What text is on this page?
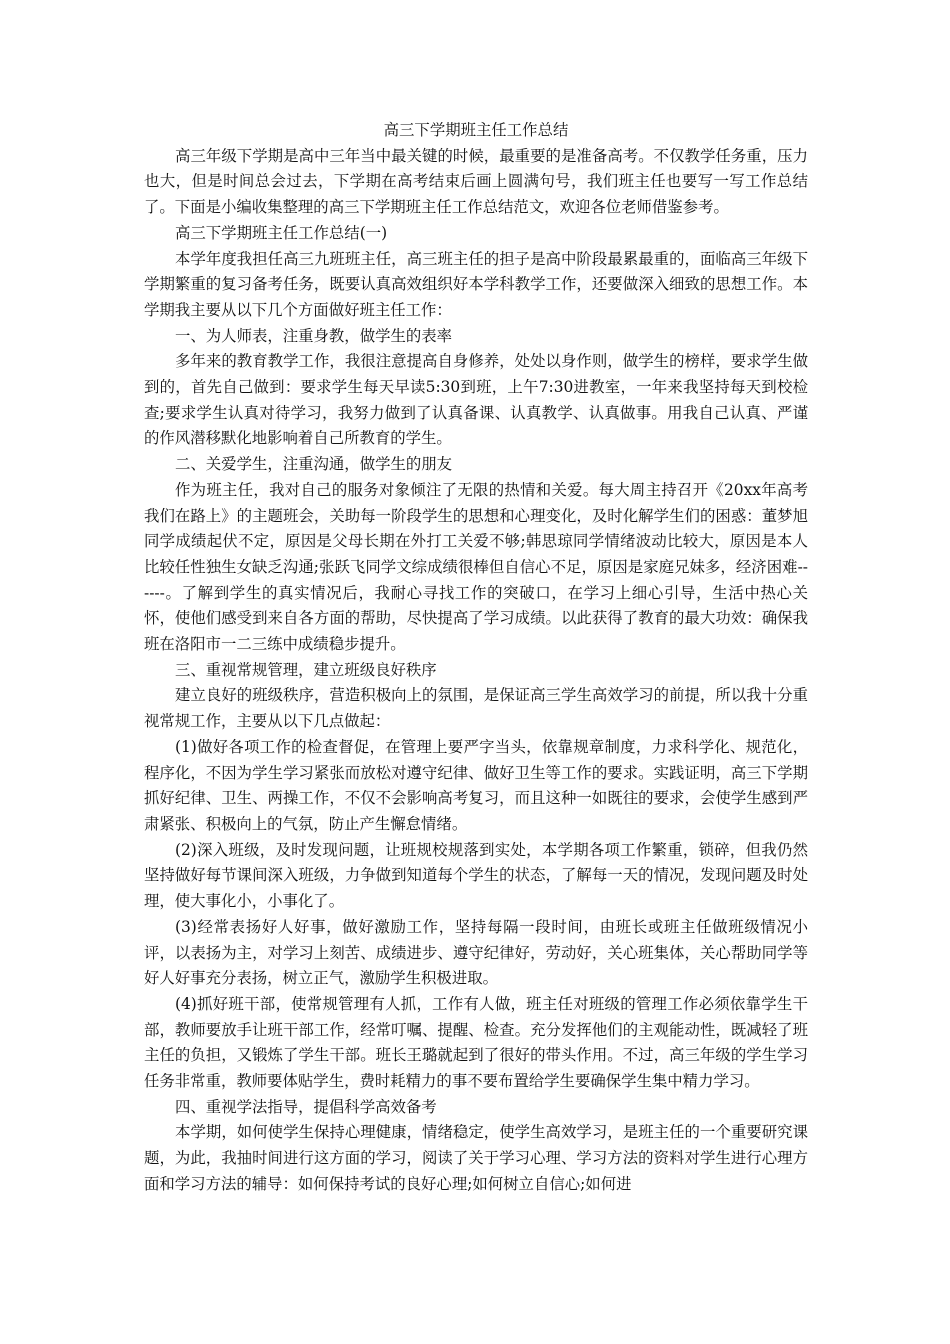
高三下学期班主任工作总结

高三年级下学期是高中三年当中最关键的时候，最重要的是准备高考。不仅教学任务重，压力也大，但是时间总会过去，下学期在高考结束后画上圆满句号，我们班主任也要写一写工作总结了。下面是小编收集整理的高三下学期班主任工作总结范文，欢迎各位老师借鉴参考。

高三下学期班主任工作总结(一)

本学年度我担任高三九班班主任，高三班主任的担子是高中阶段最累最重的，面临高三年级下学期繁重的复习备考任务，既要认真高效组织好本学科教学工作，还要做深入细致的思想工作。本学期我主要从以下几个方面做好班主任工作：

一、为人师表，注重身教，做学生的表率

多年来的教育教学工作，我很注意提高自身修养，处处以身作则，做学生的榜样，要求学生做到的，首先自己做到：要求学生每天早读5:30到班，上午7:30进教室，一年来我坚持每天到校检查;要求学生认真对待学习，我努力做到了认真备课、认真教学、认真做事。用我自己认真、严谨的作风潜移默化地影响着自己所教育的学生。

二、关爱学生，注重沟通，做学生的朋友

作为班主任，我对自己的服务对象倾注了无限的热情和关爱。每大周主持召开《20xx年高考我们在路上》的主题班会，关助每一阶段学生的思想和心理变化，及时化解学生们的困惑：董梦旭同学成绩起伏不定，原因是父母长期在外打工关爱不够;韩思琼同学情绪波动比较大，原因是本人比较任性独生女缺乏沟通;张跃飞同学文综成绩很棒但自信心不足，原因是家庭兄妹多，经济困难------。了解到学生的真实情况后，我耐心寻找工作的突破口，在学习上细心引导，生活中热心关怀，使他们感受到来自各方面的帮助，尽快提高了学习成绩。以此获得了教育的最大功效：确保我班在洛阳市一二三练中成绩稳步提升。

三、重视常规管理，建立班级良好秩序

建立良好的班级秩序，营造积极向上的氛围，是保证高三学生高效学习的前提，所以我十分重视常规工作，主要从以下几点做起：

(1)做好各项工作的检查督促，在管理上要严字当头，依靠规章制度，力求科学化、规范化，程序化，不因为学生学习紧张而放松对遵守纪律、做好卫生等工作的要求。实践证明，高三下学期抓好纪律、卫生、两操工作，不仅不会影响高考复习，而且这种一如既往的要求，会使学生感到严肃紧张、积极向上的气氛，防止产生懈怠情绪。

(2)深入班级，及时发现问题，让班规校规落到实处，本学期各项工作繁重，锁碎，但我仍然坚持做好每节课间深入班级，力争做到知道每个学生的状态，了解每一天的情况，发现问题及时处理，使大事化小，小事化了。

(3)经常表扬好人好事，做好激励工作，坚持每隔一段时间，由班长或班主任做班级情况小评，以表扬为主，对学习上刻苦、成绩进步、遵守纪律好，劳动好，关心班集体，关心帮助同学等好人好事充分表扬，树立正气，激励学生积极进取。

(4)抓好班干部，使常规管理有人抓，工作有人做，班主任对班级的管理工作必须依靠学生干部，教师要放手让班干部工作，经常叮嘱、提醒、检查。充分发挥他们的主观能动性，既减轻了班主任的负担，又锻炼了学生干部。班长王璐就起到了很好的带头作用。不过，高三年级的学生学习任务非常重，教师要体贴学生，费时耗精力的事不要布置给学生要确保学生集中精力学习。

四、重视学法指导，提倡科学高效备考

本学期，如何使学生保持心理健康，情绪稳定，使学生高效学习，是班主任的一个重要研究课题，为此，我抽时间进行这方面的学习，阅读了关于学习心理、学习方法的资料对学生进行心理方面和学习方法的辅导：如何保持考试的良好心理;如何树立自信心;如何进
